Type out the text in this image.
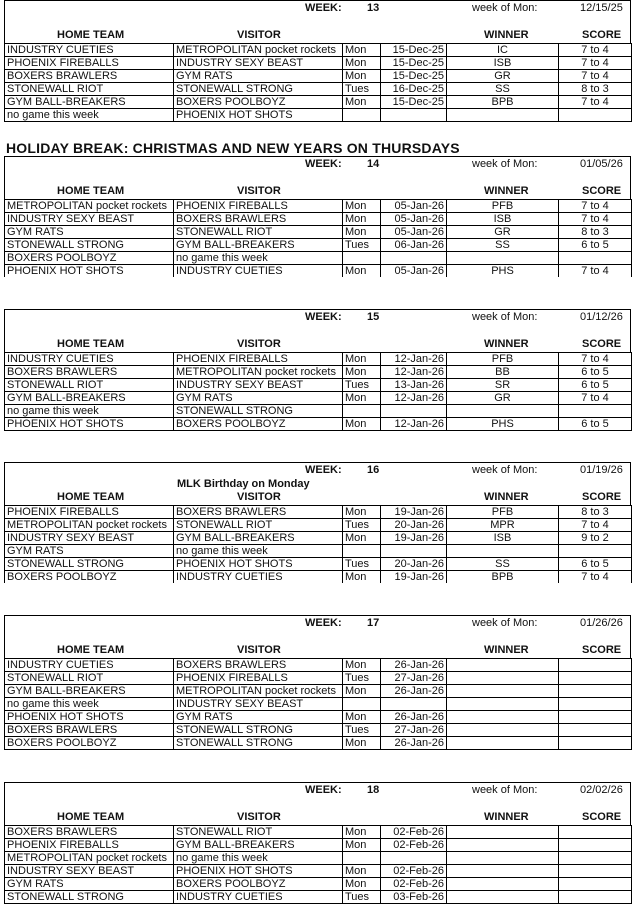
HOLIDAY BREAK: CHRISTMAS AND NEW YEARS ON THURSDAYS
WEEK: 13	week of Mon:	12/15/25
HOME TEAM	VISITOR	WINNER	SCORE
INDUSTRY CUETIES	METROPOLITAN pocket rockets	Mon	15-Dec-25	IC	7 to 4
PHOENIX FIREBALLS	INDUSTRY SEXY BEAST	Mon	15-Dec-25	ISB	7 to 4
BOXERS BRAWLERS	GYM RATS	Mon	15-Dec-25	GR	7 to 4
STONEWALL RIOT	STONEWALL STRONG	Tues	16-Dec-25	SS	8 to 3
GYM BALL-BREAKERS	BOXERS POOLBOYZ	Mon	15-Dec-25	BPB	7 to 4
no game this week	PHOENIX HOT SHOTS				
WEEK: 14	week of Mon:	01/05/26
HOME TEAM	VISITOR	WINNER	SCORE
METROPOLITAN pocket rockets	PHOENIX FIREBALLS	Mon	05-Jan-26	PFB	7 to 4
INDUSTRY SEXY BEAST	BOXERS BRAWLERS	Mon	05-Jan-26	ISB	7 to 4
GYM RATS	STONEWALL RIOT	Mon	05-Jan-26	GR	8 to 3
STONEWALL STRONG	GYM BALL-BREAKERS	Tues	06-Jan-26	SS	6 to 5
BOXERS POOLBOYZ	no game this week				
PHOENIX HOT SHOTS	INDUSTRY CUETIES	Mon	05-Jan-26	PHS	7 to 4
WEEK: 15	week of Mon:	01/12/26
HOME TEAM	VISITOR	WINNER	SCORE
INDUSTRY CUETIES	PHOENIX FIREBALLS	Mon	12-Jan-26	PFB	7 to 4
BOXERS BRAWLERS	METROPOLITAN pocket rockets	Mon	12-Jan-26	BB	6 to 5
STONEWALL RIOT	INDUSTRY SEXY BEAST	Tues	13-Jan-26	SR	6 to 5
GYM BALL-BREAKERS	GYM RATS	Mon	12-Jan-26	GR	7 to 4
no game this week	STONEWALL STRONG				
PHOENIX HOT SHOTS	BOXERS POOLBOYZ	Mon	12-Jan-26	PHS	6 to 5
WEEK: 16	week of Mon:	01/19/26
HOME TEAM	VISITOR	WINNER	SCORE
MLK Birthday on Monday
PHOENIX FIREBALLS	BOXERS BRAWLERS	Mon	19-Jan-26	PFB	8 to 3
METROPOLITAN pocket rockets	STONEWALL RIOT	Tues	20-Jan-26	MPR	7 to 4
INDUSTRY SEXY BEAST	GYM BALL-BREAKERS	Mon	19-Jan-26	ISB	9 to 2
GYM RATS	no game this week				
STONEWALL STRONG	PHOENIX HOT SHOTS	Tues	20-Jan-26	SS	6 to 5
BOXERS POOLBOYZ	INDUSTRY CUETIES	Mon	19-Jan-26	BPB	7 to 4
WEEK: 17	week of Mon:	01/26/26
HOME TEAM	VISITOR	WINNER	SCORE
INDUSTRY CUETIES	BOXERS BRAWLERS	Mon	26-Jan-26		
STONEWALL RIOT	PHOENIX FIREBALLS	Tues	27-Jan-26		
GYM BALL-BREAKERS	METROPOLITAN pocket rockets	Mon	26-Jan-26		
no game this week	INDUSTRY SEXY BEAST				
PHOENIX HOT SHOTS	GYM RATS	Mon	26-Jan-26		
BOXERS BRAWLERS	STONEWALL STRONG	Tues	27-Jan-26		
BOXERS POOLBOYZ	STONEWALL STRONG	Mon	26-Jan-26		
WEEK: 18	week of Mon:	02/02/26
HOME TEAM	VISITOR	WINNER	SCORE
BOXERS BRAWLERS	STONEWALL RIOT	Mon	02-Feb-26		
PHOENIX FIREBALLS	GYM BALL-BREAKERS	Mon	02-Feb-26		
METROPOLITAN pocket rockets	no game this week				
INDUSTRY SEXY BEAST	PHOENIX HOT SHOTS	Mon	02-Feb-26		
GYM RATS	BOXERS POOLBOYZ	Mon	02-Feb-26		
STONEWALL STRONG	INDUSTRY CUETIES	Tues	03-Feb-26		
